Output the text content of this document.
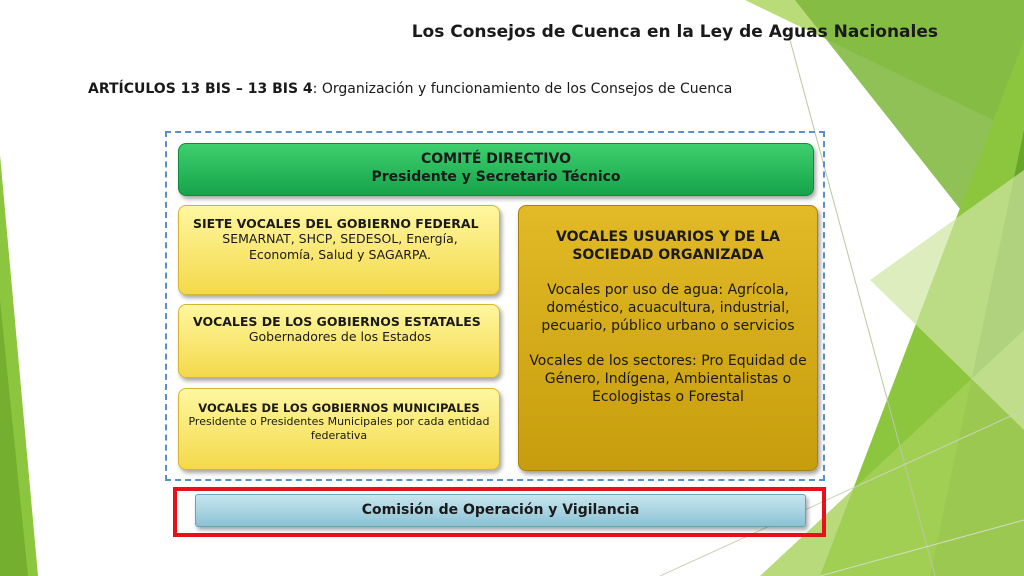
Los Consejos de Cuenca en la Ley de Aguas Nacionales
ARTÍCULOS 13 BIS – 13 BIS 4: Organización y funcionamiento de los Consejos de Cuenca
COMITÉ DIRECTIVO
Presidente y Secretario Técnico
SIETE VOCALES DEL GOBIERNO FEDERAL
SEMARNAT, SHCP, SEDESOL, Energía, Economía, Salud y SAGARPA.
VOCALES DE LOS GOBIERNOS ESTATALES
Gobernadores de los Estados
VOCALES DE LOS GOBIERNOS MUNICIPALES
Presidente o Presidentes Municipales por cada entidad federativa
VOCALES USUARIOS Y DE LA SOCIEDAD ORGANIZADA
Vocales por uso de agua: Agrícola, doméstico, acuacultura, industrial, pecuario, público urbano o servicios
Vocales de los sectores: Pro Equidad de Género, Indígena, Ambientalistas o Ecologistas o Forestal
Comisión de Operación y Vigilancia
